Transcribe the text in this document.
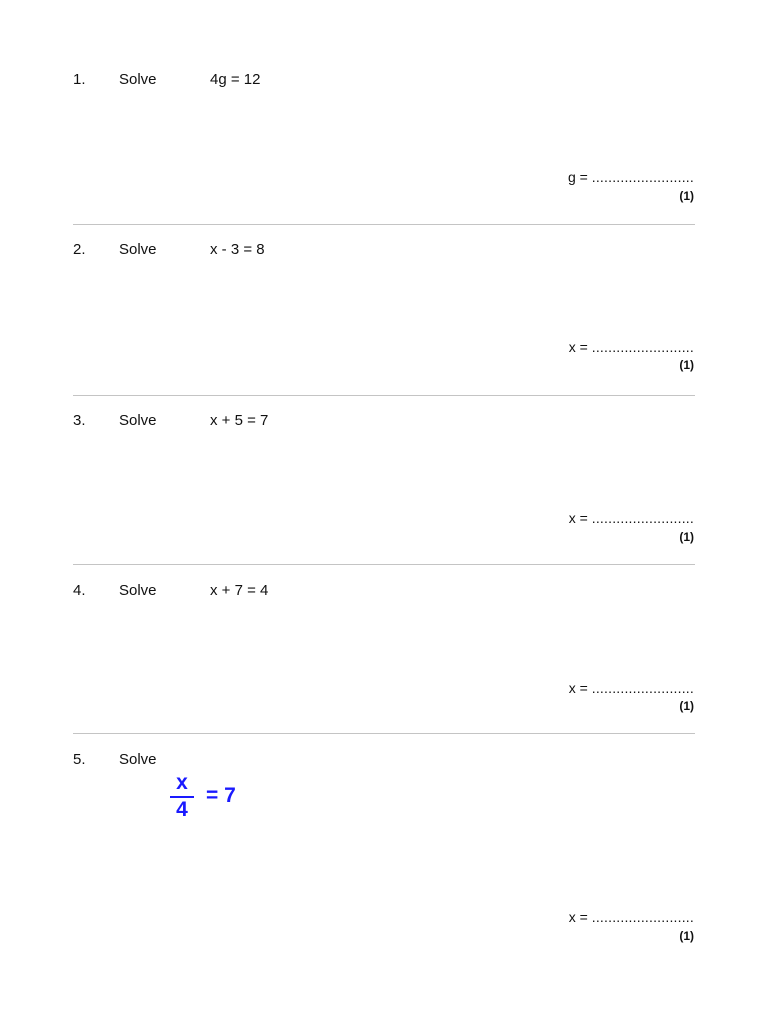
1. Solve	4g = 12
g = .........................
(1)
2. Solve	x - 3 = 8
x = .........................
(1)
3. Solve	x + 5 = 7
x = .........................
(1)
4. Solve	x + 7 = 4
x = .........................
(1)
5. Solve
x
4
= 7
x = .........................
(1)
